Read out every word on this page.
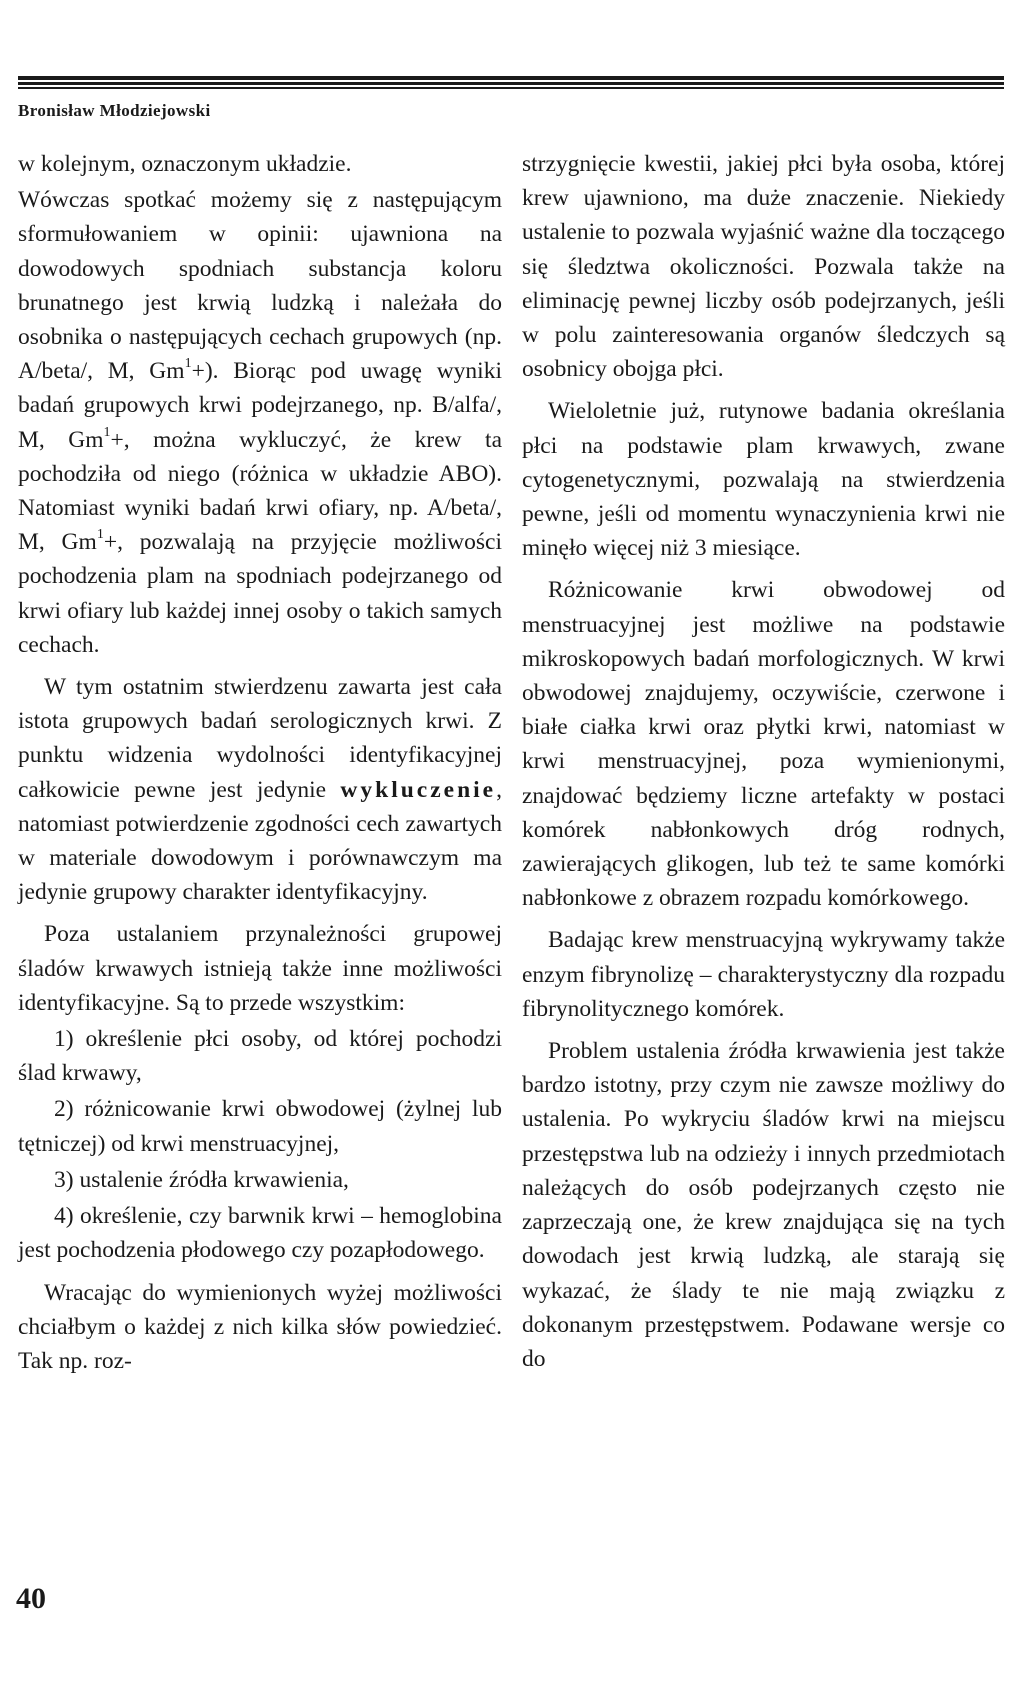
Bronisław Młodziejowski

w kolejnym, oznaczonym układzie.

Wówczas spotkać możemy się z następującym sformułowaniem w opinii: ujawniona na dowodowych spodniach substancja koloru brunatnego jest krwią ludzką i należała do osobnika o następujących cechach grupowych (np. A/beta/, M, $Gm^1+$). Biorąc pod uwagę wyniki badań grupowych krwi podejrzanego, np. B/alfa/, M, $Gm^1+$, można wykluczyć, że krew ta pochodziła od niego (różnica w układzie ABO). Natomiast wyniki badań krwi ofiary, np. A/beta/, M, $Gm^1+$, pozwalają na przyjęcie możliwości pochodzenia plam na spodniach podejrzanego od krwi ofiary lub każdej innej osoby o takich samych cechach.

W tym ostatnim stwierdzenu zawarta jest cała istota grupowych badań serologicznych krwi. Z punktu widzenia wydolności identyfikacyjnej całkowicie pewne jest jedynie wykluczenie, natomiast potwierdzenie zgodności cech zawartych w materiale dowodowym i porównawczym ma jedynie grupowy charakter identyfikacyjny.

Poza ustalaniem przynależności grupowej śladów krwawych istnieją także inne możliwości identyfikacyjne. Są to przede wszystkim:

1) określenie płci osoby, od której pochodzi ślad krwawy,

2) różnicowanie krwi obwodowej (żylnej lub tętniczej) od krwi menstruacyjnej,

3) ustalenie źródła krwawienia,

4) określenie, czy barwnik krwi – hemoglobina jest pochodzenia płodowego czy pozapłodowego.

Wracając do wymienionych wyżej możliwości chciałbym o każdej z nich kilka słów powiedzieć. Tak np. roz-

strzygnięcie kwestii, jakiej płci była osoba, której krew ujawniono, ma duże znaczenie. Niekiedy ustalenie to pozwala wyjaśnić ważne dla toczącego się śledztwa okoliczności. Pozwala także na eliminację pewnej liczby osób podejrzanych, jeśli w polu zainteresowania organów śledczych są osobnicy obojga płci.

Wieloletnie już, rutynowe badania określania płci na podstawie plam krwawych, zwane cytogenetycznymi, pozwalają na stwierdzenia pewne, jeśli od momentu wynaczynienia krwi nie minęło więcej niż 3 miesiące.

Różnicowanie krwi obwodowej od menstruacyjnej jest możliwe na podstawie mikroskopowych badań morfologicznych. W krwi obwodowej znajdujemy, oczywiście, czerwone i białe ciałka krwi oraz płytki krwi, natomiast w krwi menstruacyjnej, poza wymienionymi, znajdować będziemy liczne artefakty w postaci komórek nabłonkowych dróg rodnych, zawierających glikogen, lub też te same komórki nabłonkowe z obrazem rozpadu komórkowego.

Badając krew menstruacyjną wykrywamy także enzym fibrynolizę – charakterystyczny dla rozpadu fibrynolitycznego komórek.

Problem ustalenia źródła krwawienia jest także bardzo istotny, przy czym nie zawsze możliwy do ustalenia. Po wykryciu śladów krwi na miejscu przestępstwa lub na odzieży i innych przedmiotach należących do osób podejrzanych często nie zaprzeczają one, że krew znajdująca się na tych dowodach jest krwią ludzką, ale starają się wykazać, że ślady te nie mają związku z dokonanym przestępstwem. Podawane wersje co do

40
